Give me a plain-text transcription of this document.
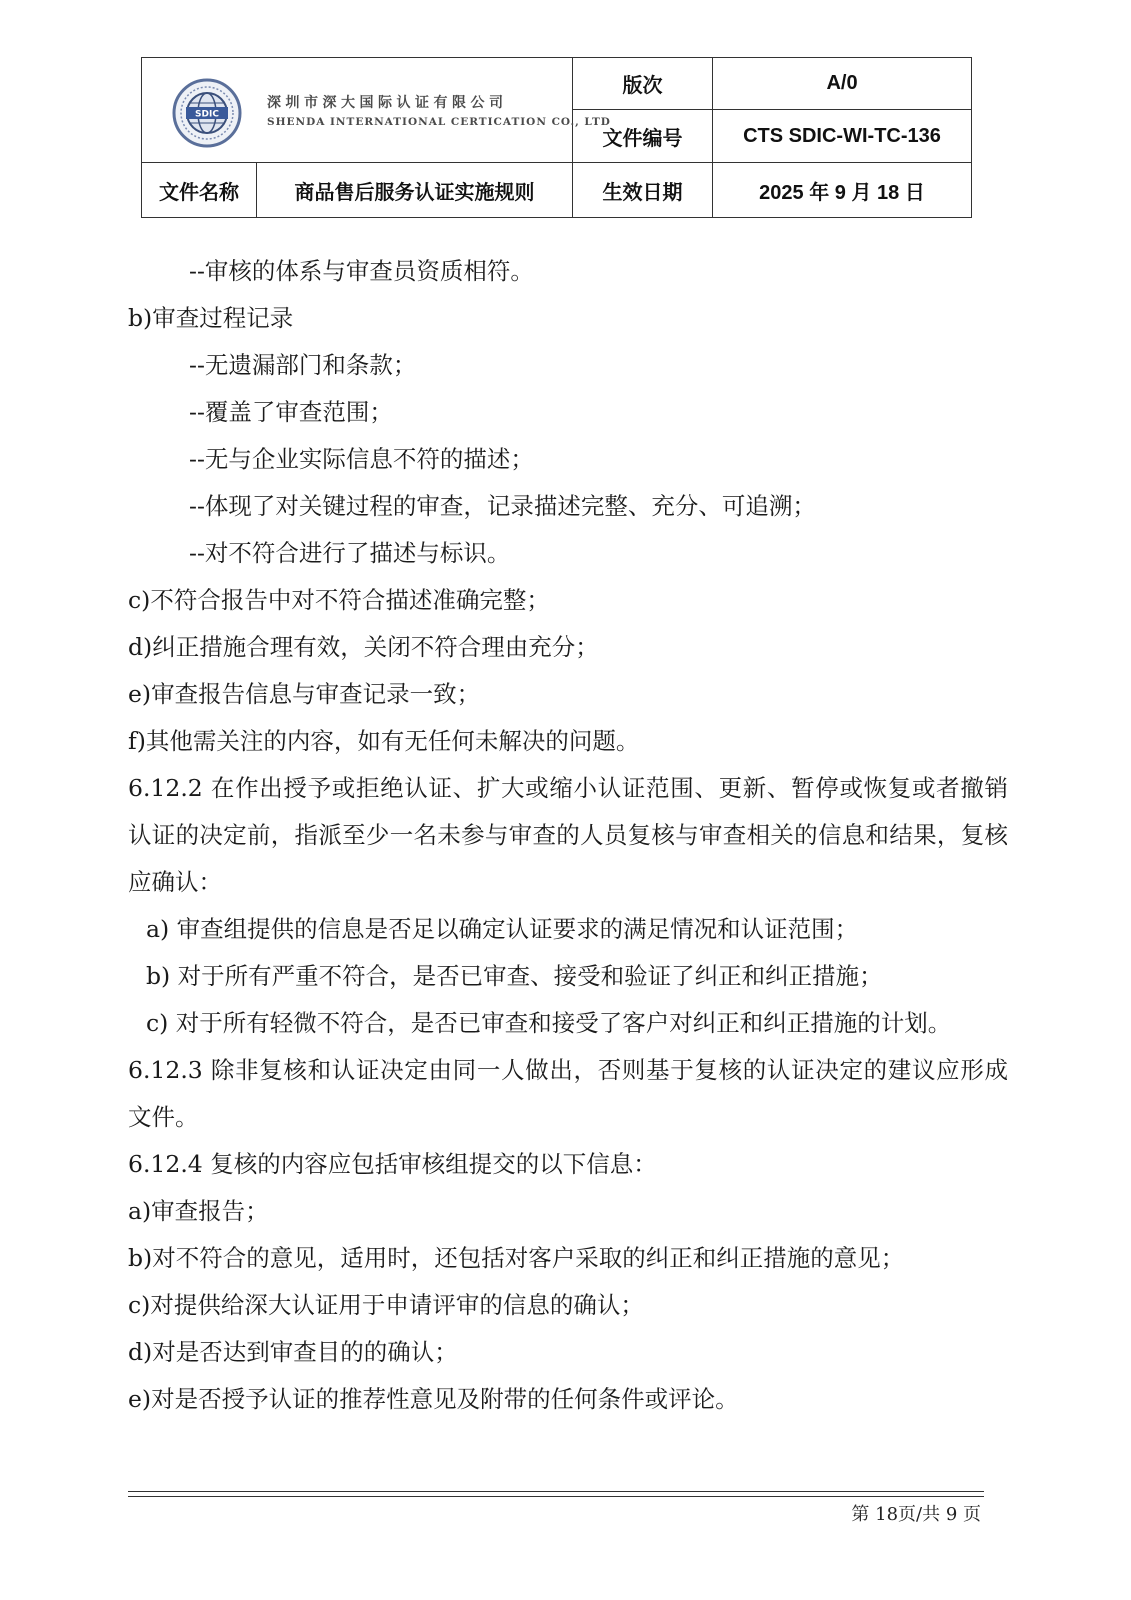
SDIC
深圳市深大国际认证有限公司
SHENDA INTERNATIONAL CERTICATION CO., LTD		版次	A/0
		文件编号	CTS SDIC-WI-TC-136
文件名称	商品售后服务认证实施规则	生效日期	2025 年 9 月 18 日
--审核的体系与审查员资质相符。
b)审查过程记录
--无遗漏部门和条款；
--覆盖了审查范围；
--无与企业实际信息不符的描述；
--体现了对关键过程的审查，记录描述完整、充分、可追溯；
--对不符合进行了描述与标识。
c)不符合报告中对不符合描述准确完整；
d)纠正措施合理有效，关闭不符合理由充分；
e)审查报告信息与审查记录一致；
f)其他需关注的内容，如有无任何未解决的问题。
6.12.2 在作出授予或拒绝认证、扩大或缩小认证范围、更新、暂停或恢复或者撤销认证的决定前，指派至少一名未参与审查的人员复核与审查相关的信息和结果，复核应确认：
a) 审查组提供的信息是否足以确定认证要求的满足情况和认证范围；
b) 对于所有严重不符合，是否已审查、接受和验证了纠正和纠正措施；
c) 对于所有轻微不符合，是否已审查和接受了客户对纠正和纠正措施的计划。
6.12.3 除非复核和认证决定由同一人做出，否则基于复核的认证决定的建议应形成文件。
6.12.4 复核的内容应包括审核组提交的以下信息：
a)审查报告；
b)对不符合的意见，适用时，还包括对客户采取的纠正和纠正措施的意见；
c)对提供给深大认证用于申请评审的信息的确认；
d)对是否达到审查目的的确认；
e)对是否授予认证的推荐性意见及附带的任何条件或评论。
第 18页/共 9 页
